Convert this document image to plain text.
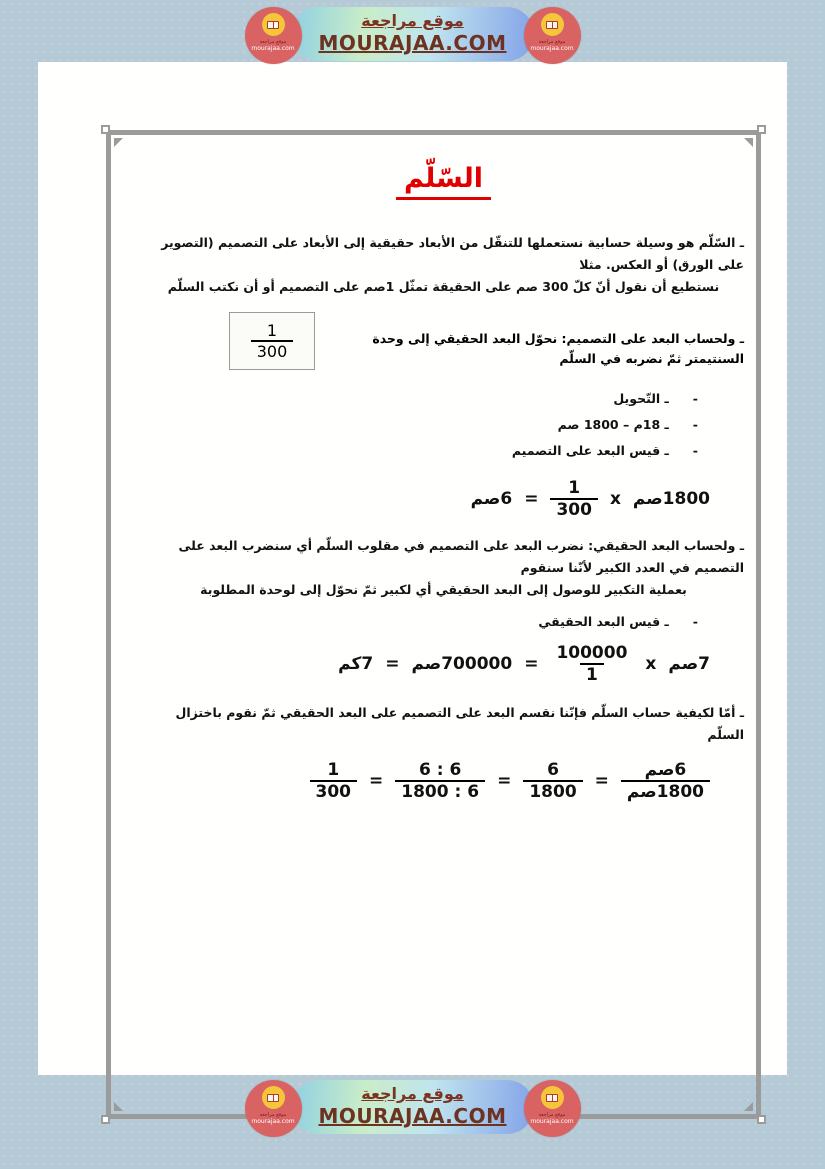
موقع مراجعة
mourajaa.com
موقع مراجعة
MOURAJAA.COM	موقع مراجعة
mourajaa.com
السّلّم
ـ السّلّم هو وسيلة حسابية نستعملها للتنقّل من الأبعاد حقيقية إلى الأبعاد على التصميم (التصوير على الورق) أو العكس. مثلا
نستطيع أن نقول أنّ كلّ 300 صم على الحقيقة تمثّل 1صم على التصميم أو أن نكتب السلّم
ـ ولحساب البعد على التصميم: نحوّل البعد الحقيقي إلى وحدة السنتيمتر ثمّ نضربه في السلّم
$\frac{1}{300}$
-ـ التّحويل
-ـ 18م – 1800 صم
-ـ قيس البعد على التصميم
1800صم
x
$\frac{1}{300}$
=
6صم
ـ ولحساب البعد الحقيقي: نضرب البعد على التصميم في مقلوب السلّم أي سنضرب البعد على التصميم في العدد الكبير لأنّنا سنقوم
بعملية التكبير للوصول إلى البعد الحقيقي أي لكبير ثمّ نحوّل إلى لوحدة المطلوبة
-ـ قيس البعد الحقيقي
7صم
x
$\frac{100000}{1}$
=
700000صم
=
7كم
ـ أمّا لكيفية حساب السلّم فإنّنا نقسم البعد على التصميم على البعد الحقيقي ثمّ نقوم باختزال السلّم
$\frac{\text{6صم}}{\text{1800صم}}$
=
$\frac{6}{1800}$
=
$\frac{6 : 6}{6 : 1800}$
=
$\frac{1}{300}$
موقع مراجعة
mourajaa.com
موقع مراجعة
MOURAJAA.COM	موقع مراجعة
mourajaa.com
